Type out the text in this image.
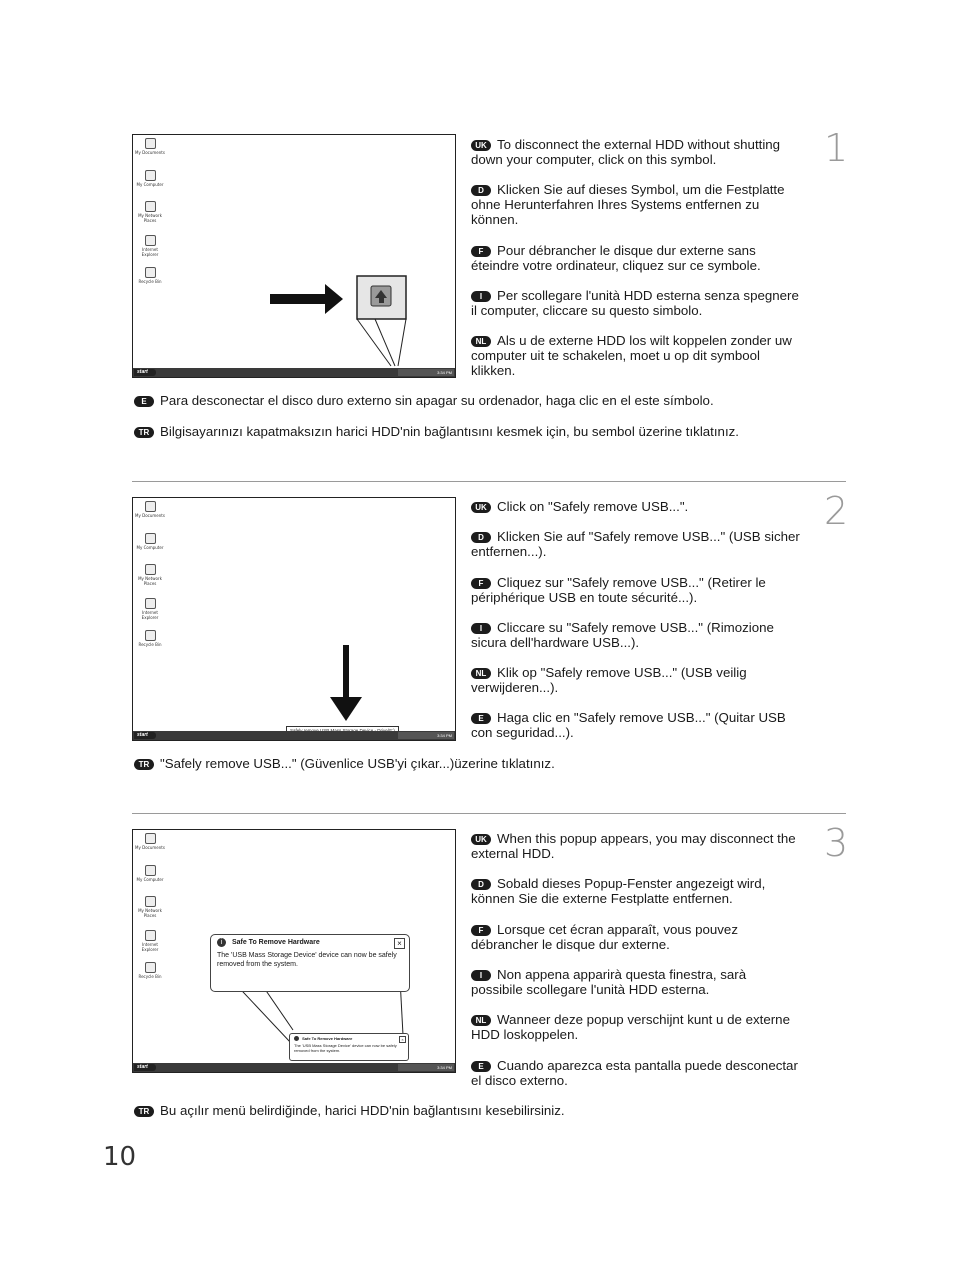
My Documents
My Computer
My Network Places
Internet Explorer
Recycle Bin
start	3:34 PM
UK To disconnect the external HDD without shutting down your computer, click on this symbol.
D Klicken Sie auf dieses Symbol, um die Festplatte ohne Herunterfahren Ihres Systems entfernen zu können.
F Pour débrancher le disque dur externe sans éteindre votre ordinateur, cliquez sur ce symbole.
I Per scollegare l'unità HDD esterna senza spegnere il computer, cliccare su questo simbolo.
NL Als u de externe HDD los wilt koppelen zonder uw computer uit te schakelen, moet u op dit symbool klikken.
E Para desconectar el disco duro externo sin apagar su ordenador, haga clic en el este símbolo.
TR Bilgisayarınızı kapatmaksızın harici HDD'nin bağlantısını kesmek için, bu sembol üzerine tıklatınız.
1
My Documents
My Computer
My Network Places
Internet Explorer
Recycle Bin
start	3:34 PM
UK Click on "Safely remove USB...".
D Klicken Sie auf "Safely remove USB..." (USB sicher entfernen...).
F Cliquez sur "Safely remove USB..." (Retirer le périphérique USB en toute sécurité...).
I Cliccare su "Safely remove USB..." (Rimozione sicura dell'hardware USB...).
NL Klik op "Safely remove USB..." (USB veilig verwijderen...).
E Haga clic en "Safely remove USB..." (Quitar USB con seguridad...).
TR "Safely remove USB..." (Güvenlice USB'yi çıkar...)üzerine tıklatınız.
2
My Documents
My Computer
My Network Places
Internet Explorer
Recycle Bin
i Safe To Remove Hardware	×
The 'USB Mass Storage Device' device can now be safely removed from the system.
Safe To Remove Hardware	×
The 'USB Mass Storage Device' device can now be safely removed from the system.
start	3:34 PM
UK When this popup appears, you may disconnect the external HDD.
D Sobald dieses Popup-Fenster angezeigt wird, können Sie die externe Festplatte entfernen.
F Lorsque cet écran apparaît, vous pouvez débrancher le disque dur externe.
I Non appena apparirà questa finestra, sarà possibile scollegare l'unità HDD esterna.
NL Wanneer deze popup verschijnt kunt u de externe HDD loskoppelen.
E Cuando aparezca esta pantalla puede desconectar el disco externo.
TR Bu açılır menü belirdiğinde, harici HDD'nin bağlantısını kesebilirsiniz.
3
10
